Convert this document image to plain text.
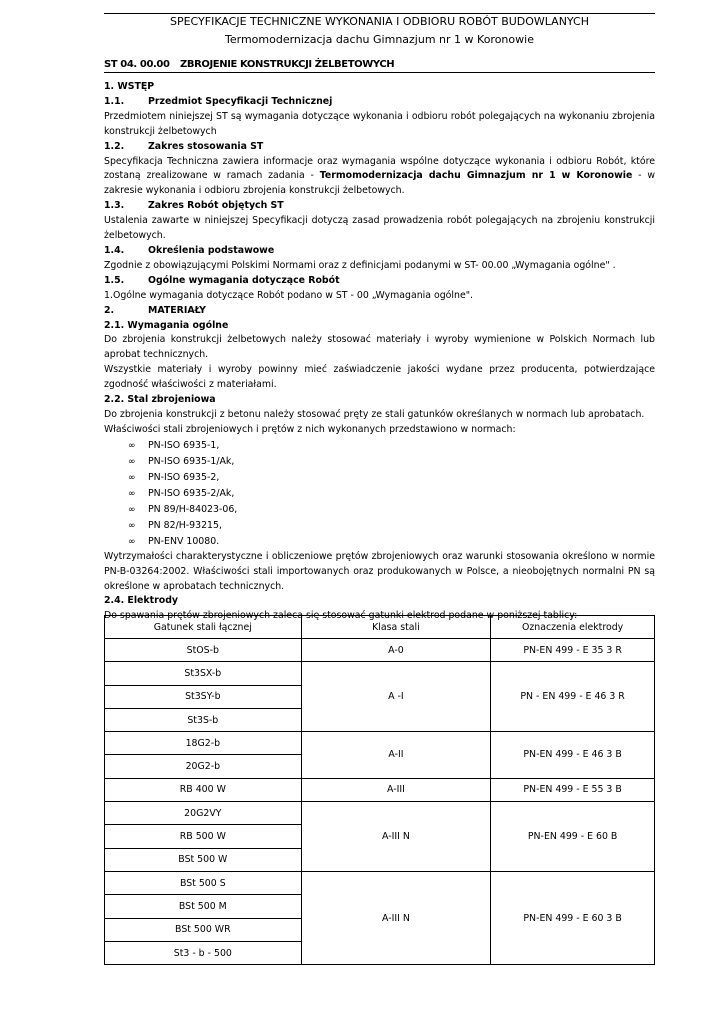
SPECYFIKACJE TECHNICZNE WYKONANIA I ODBIORU ROBÓT BUDOWLANYCH
Termomodernizacja dachu Gimnazjum nr 1 w Koronowie
ST 04. 00.00 ZBROJENIE KONSTRUKCJI ŻELBETOWYCH

1. WSTĘP

1.1.	Przedmiot Specyfikacji Technicznej

Przedmiotem niniejszej ST są wymagania dotyczące wykonania i odbioru robót polegających na wykonaniu zbrojenia konstrukcji żelbetowych

1.2.	Zakres stosowania ST

Specyfikacja Techniczna zawiera informacje oraz wymagania wspólne dotyczące wykonania i odbioru Robót, które zostaną zrealizowane w ramach zadania - Termomodernizacja dachu Gimnazjum nr 1 w Koronowie - w zakresie wykonania i odbioru zbrojenia konstrukcji żelbetowych.

1.3.	Zakres Robót objętych ST

Ustalenia zawarte w niniejszej Specyfikacji dotyczą zasad prowadzenia robót polegających na zbrojeniu konstrukcji żelbetowych.

1.4.	Określenia podstawowe

Zgodnie z obowiązującymi Polskimi Normami oraz z definicjami podanymi w ST- 00.00 „Wymagania ogólne" .

1.5.	Ogólne wymagania dotyczące Robót

1.Ogólne wymagania dotyczące Robót podano w ST - 00 „Wymagania ogólne".

2.	MATERIAŁY

2.1. Wymagania ogólne

Do zbrojenia konstrukcji żelbetowych należy stosować materiały i wyroby wymienione w Polskich Normach lub aprobat technicznych.

Wszystkie materiały i wyroby powinny mieć zaświadczenie jakości wydane przez producenta, potwierdzające zgodność właściwości z materiałami.

2.2. Stal zbrojeniowa

Do zbrojenia konstrukcji z betonu należy stosować pręty ze stali gatunków określanych w normach lub aprobatach.

Właściwości stali zbrojeniowych i prętów z nich wykonanych przedstawiono w normach:

∞ PN-ISO 6935-1,
∞ PN-ISO 6935-1/Ak,
∞ PN-ISO 6935-2,
∞ PN-ISO 6935-2/Ak,
∞ PN 89/H-84023-06,
∞ PN 82/H-93215,
∞ PN-ENV 10080.

Wytrzymałości charakterystyczne i obliczeniowe prętów zbrojeniowych oraz warunki stosowania określono w normie PN-B-03264:2002. Właściwości stali importowanych oraz produkowanych w Polsce, a nieobojętnych normalni PN są określone w aprobatach technicznych.

2.4. Elektrody

Do spawania prętów zbrojeniowych zaleca się stosować gatunki elektrod podane w poniższej tablicy:

Gatunek stali łącznej	Klasa stali	Oznaczenia elektrody
StOS-b	A-0	PN-EN 499 - E 35 3 R
St3SX-b	A -I	PN - EN 499 - E 46 3 R
St3SY-b		
St3S-b		
18G2-b	A-II	PN-EN 499 - E 46 3 B
20G2-b		
RB 400 W	A-III	PN-EN 499 - E 55 3 B
20G2VY	A-III N	PN-EN 499 - E 60 B
RB 500 W		
BSt 500 W		
BSt 500 S	A-III N	PN-EN 499 - E 60 3 B
BSt 500 M		
BSt 500 WR		
St3 - b - 500		
